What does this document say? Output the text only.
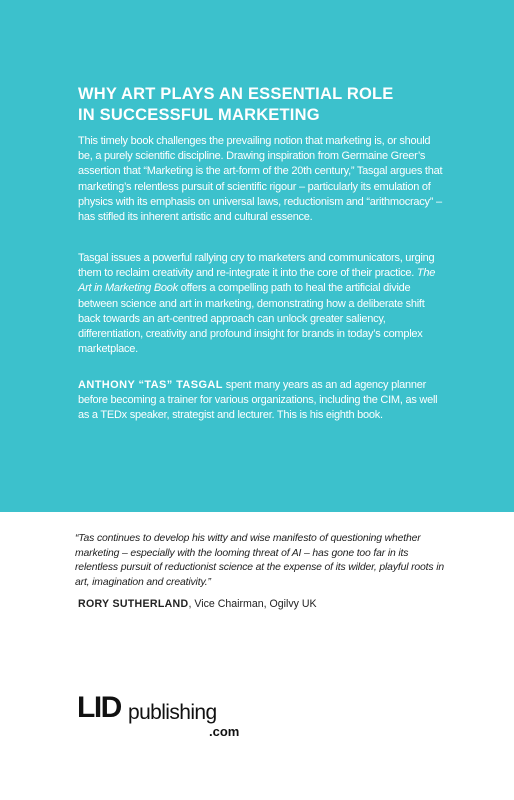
WHY ART PLAYS AN ESSENTIAL ROLE
IN SUCCESSFUL MARKETING

This timely book challenges the prevailing notion that marketing is, or should be, a purely scientific discipline. Drawing inspiration from Germaine Greer’s assertion that “Marketing is the art-form of the 20th century,” Tasgal argues that marketing’s relentless pursuit of scientific rigour – particularly its emulation of physics with its emphasis on universal laws, reductionism and “arithmocracy” – has stifled its inherent artistic and cultural essence.

Tasgal issues a powerful rallying cry to marketers and communicators, urging them to reclaim creativity and re-integrate it into the core of their practice. The Art in Marketing Book offers a compelling path to heal the artificial divide between science and art in marketing, demonstrating how a deliberate shift back towards an art-centred approach can unlock greater saliency, differentiation, creativity and profound insight for brands in today’s complex marketplace.

ANTHONY “TAS” TASGAL spent many years as an ad agency planner before becoming a trainer for various organizations, including the CIM, as well as a TEDx speaker, strategist and lecturer. This is his eighth book.

“Tas continues to develop his witty and wise manifesto of questioning whether marketing – especially with the looming threat of AI – has gone too far in its relentless pursuit of reductionist science at the expense of its wilder, playful roots in art, imagination and creativity.”

RORY SUTHERLAND, Vice Chairman, Ogilvy UK

LID publishing
.com
